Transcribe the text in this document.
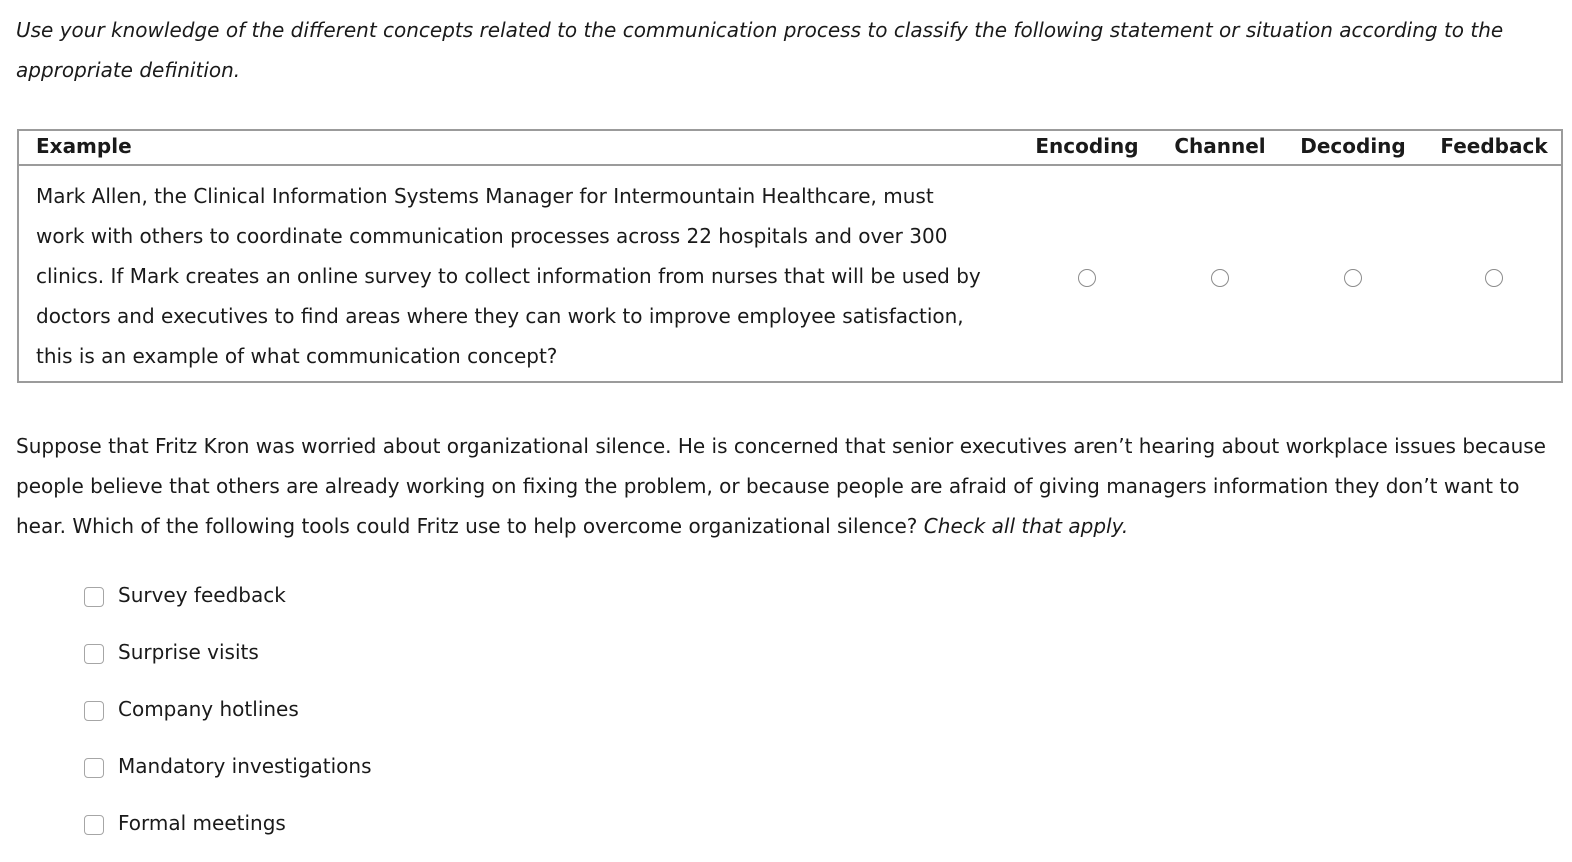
Use your knowledge of the different concepts related to the communication process to classify the following statement or situation according to the appropriate definition.

Example	Encoding	Channel	Decoding	Feedback

Mark Allen, the Clinical Information Systems Manager for Intermountain Healthcare, must work with others to coordinate communication processes across 22 hospitals and over 300 clinics. If Mark creates an online survey to collect information from nurses that will be used by doctors and executives to find areas where they can work to improve employee satisfaction, this is an example of what communication concept?

Suppose that Fritz Kron was worried about organizational silence. He is concerned that senior executives aren’t hearing about workplace issues because people believe that others are already working on fixing the problem, or because people are afraid of giving managers information they don’t want to hear. Which of the following tools could Fritz use to help overcome organizational silence? Check all that apply.

Survey feedback
Surprise visits
Company hotlines
Mandatory investigations
Formal meetings
